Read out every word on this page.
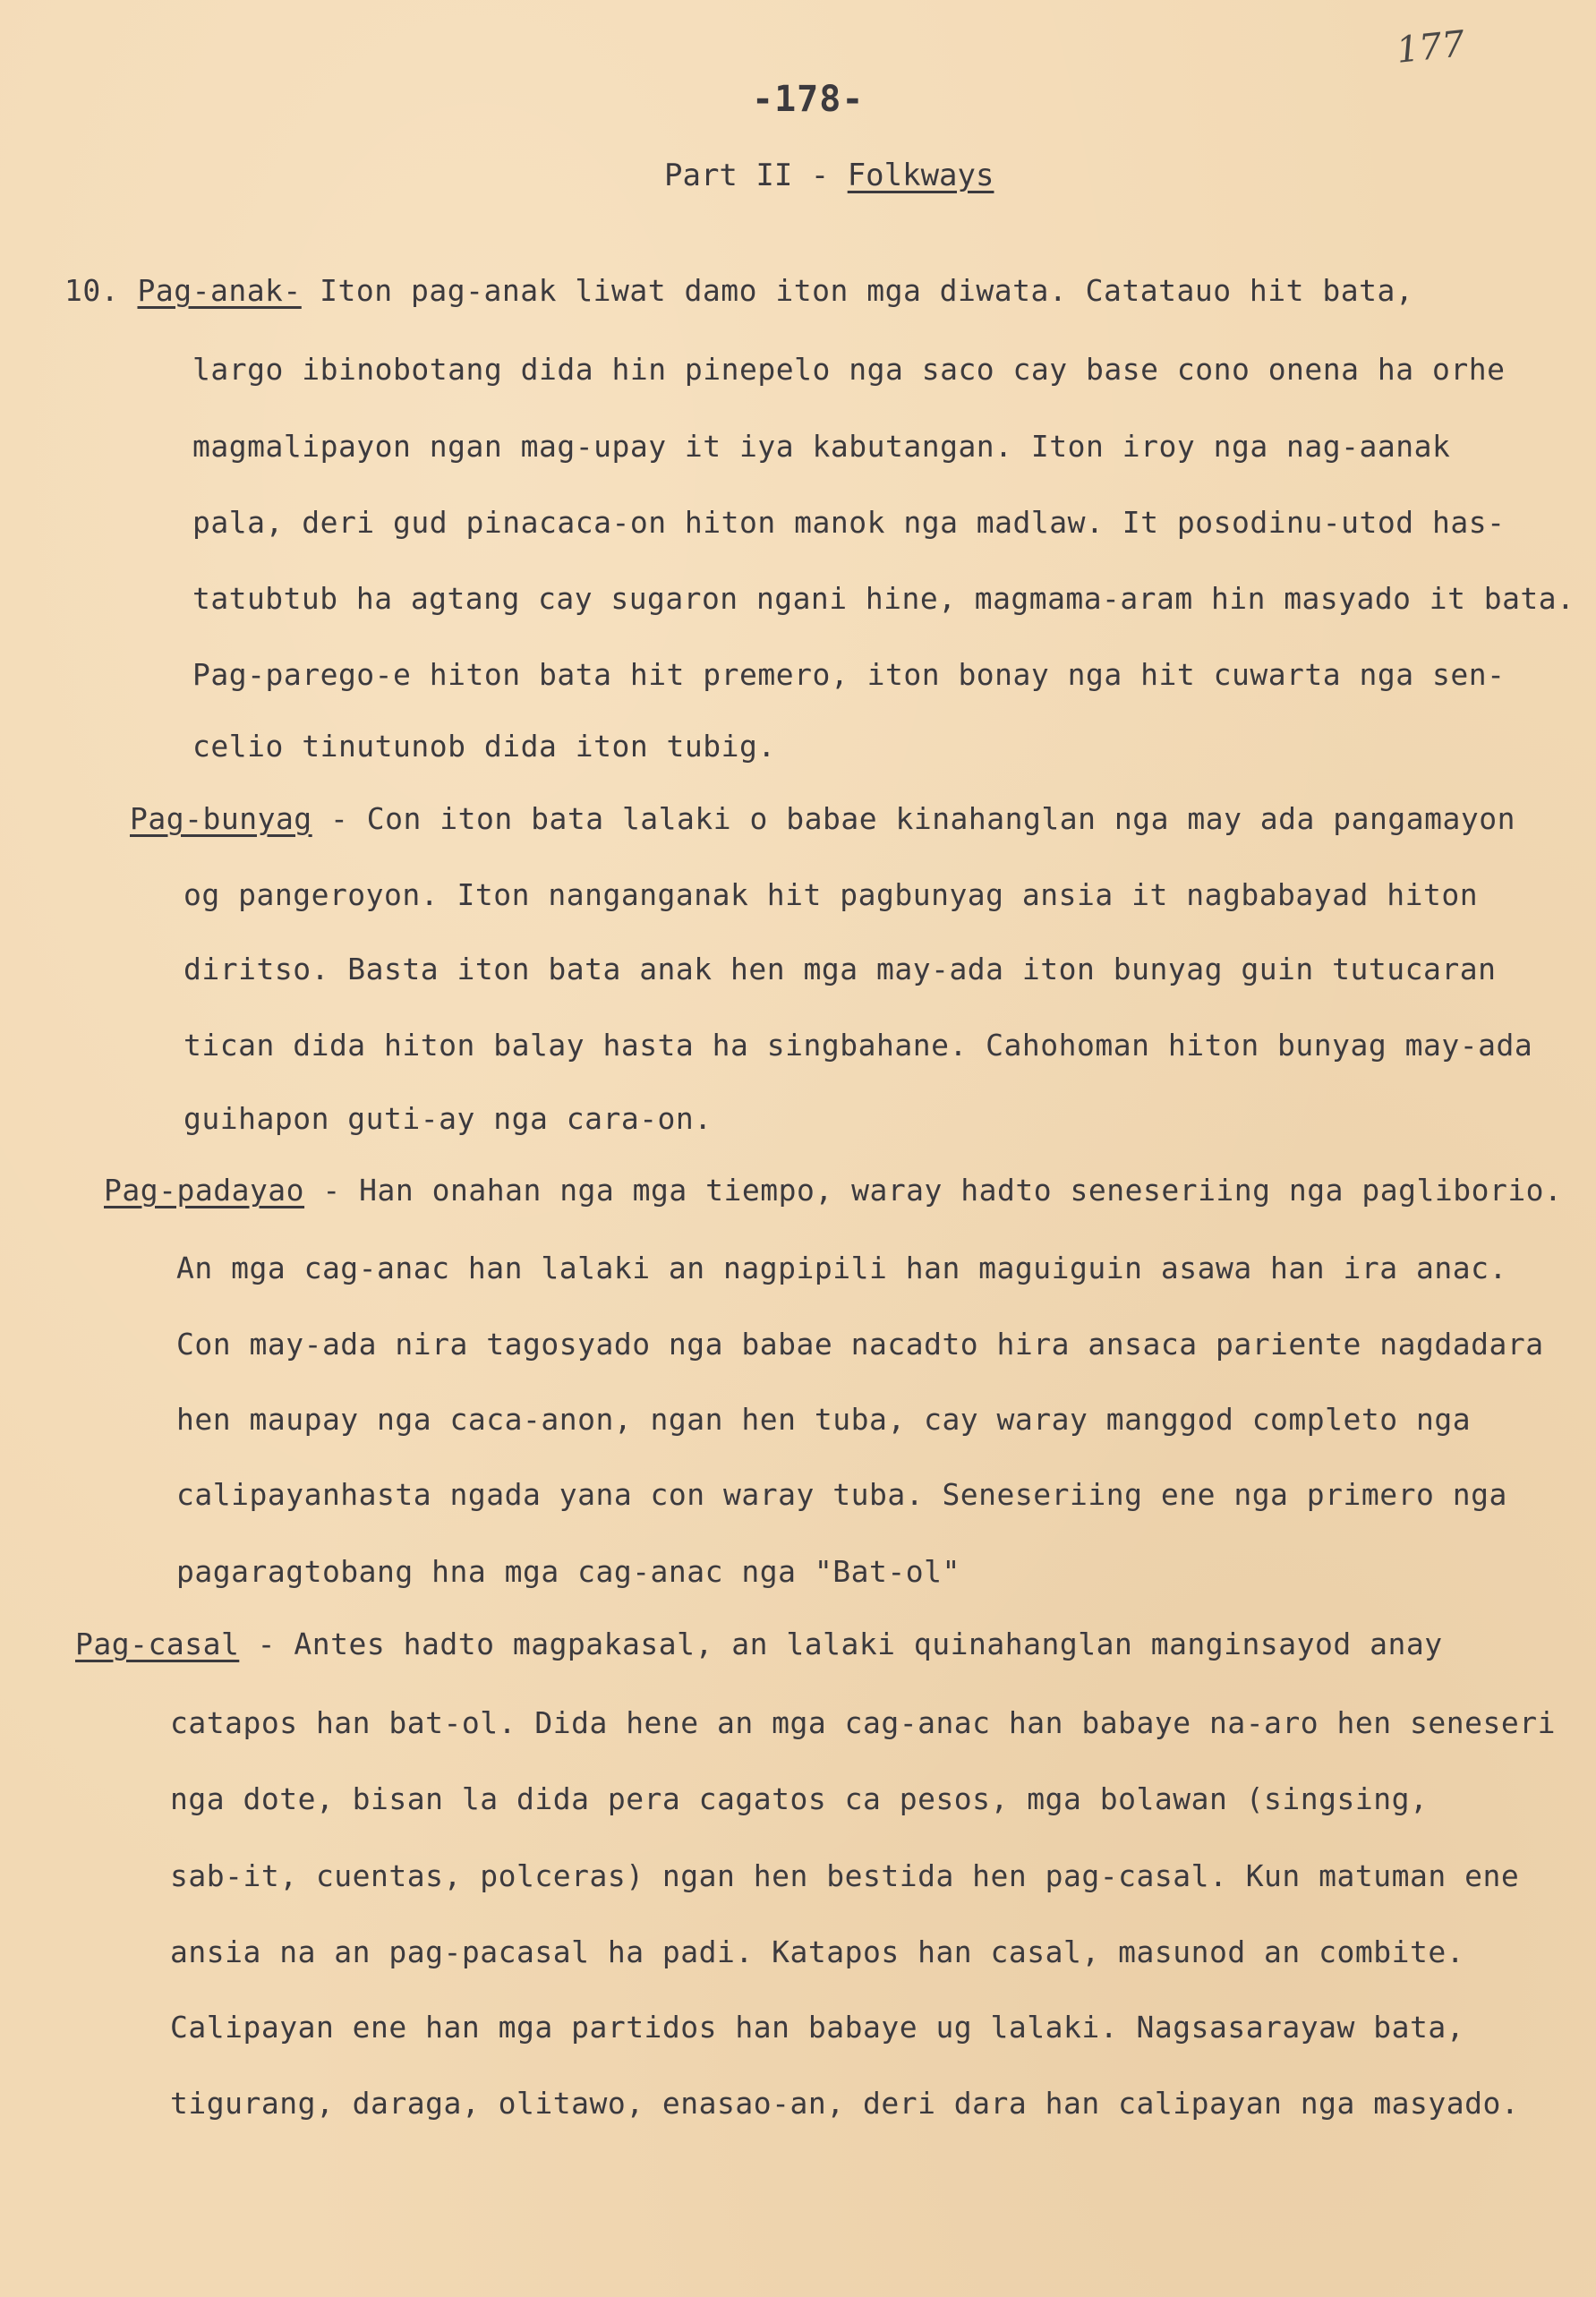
177
-178-
Part II - Folkways
10. Pag-anak- Iton pag-anak liwat damo iton mga diwata. Catatauo hit bata,
largo ibinobotang dida hin pinepelo nga saco cay base cono onena ha orhe
magmalipayon ngan mag-upay it iya kabutangan. Iton iroy nga nag-aanak
pala, deri gud pinacaca-on hiton manok nga madlaw. It posodinu-utod has-
tatubtub ha agtang cay sugaron ngani hine, magmama-aram hin masyado it bata.
Pag-parego-e hiton bata hit premero, iton bonay nga hit cuwarta nga sen-
celio tinutunob dida iton tubig.
Pag-bunyag - Con iton bata lalaki o babae kinahanglan nga may ada pangamayon
og pangeroyon. Iton nanganganak hit pagbunyag ansia it nagbabayad hiton
diritso. Basta iton bata anak hen mga may-ada iton bunyag guin tutucaran
tican dida hiton balay hasta ha singbahane. Cahohoman hiton bunyag may-ada
guihapon guti-ay nga cara-on.
Pag-padayao - Han onahan nga mga tiempo, waray hadto seneseriing nga pagliborio.
An mga cag-anac han lalaki an nagpipili han maguiguin asawa han ira anac.
Con may-ada nira tagosyado nga babae nacadto hira ansaca pariente nagdadara
hen maupay nga caca-anon, ngan hen tuba, cay waray manggod completo nga
calipayanhasta ngada yana con waray tuba. Seneseriing ene nga primero nga
pagaragtobang hna mga cag-anac nga "Bat-ol"
Pag-casal - Antes hadto magpakasal, an lalaki quinahanglan manginsayod anay
catapos han bat-ol. Dida hene an mga cag-anac han babaye na-aro hen seneseri
nga dote, bisan la dida pera cagatos ca pesos, mga bolawan (singsing,
sab-it, cuentas, polceras) ngan hen bestida hen pag-casal. Kun matuman ene
ansia na an pag-pacasal ha padi. Katapos han casal, masunod an combite.
Calipayan ene han mga partidos han babaye ug lalaki. Nagsasarayaw bata,
tigurang, daraga, olitawo, enasao-an, deri dara han calipayan nga masyado.
